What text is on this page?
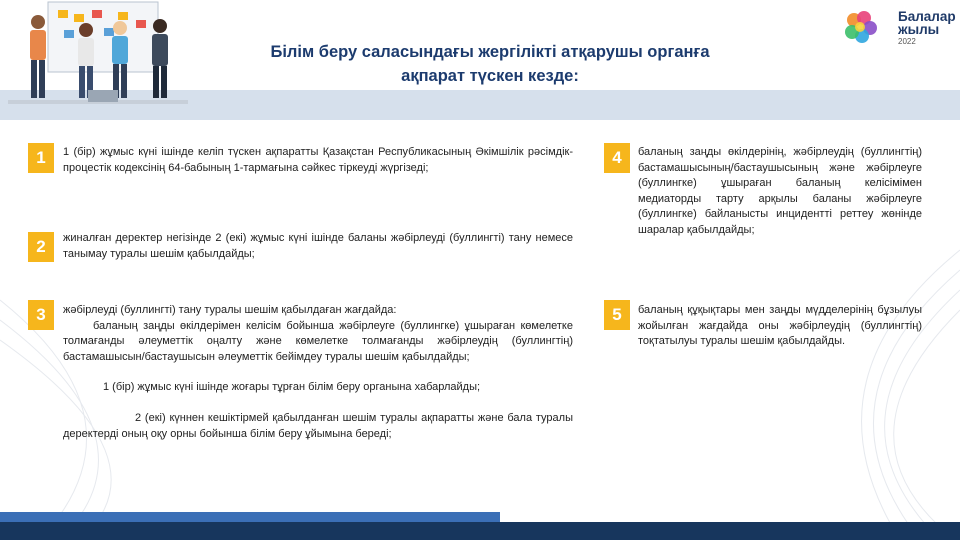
Білім беру саласындағы жергілікті атқарушы органға
ақпарат түскен кезде:
Балалар
жылы
2022
1	1 (бір) жұмыс күні ішінде келіп түскен ақпаратты Қазақстан Республикасының Әкімшілік рәсімдік-процестік кодексінің 64-бабының 1-тармағына сәйкес тіркеуді жүргізеді;

2	жиналған деректер негізінде 2 (екі) жұмыс күні ішінде баланы жәбірлеуді (буллингті) тану немесе танымау туралы шешім қабылдайды;

3	жәбірлеуді (буллингті) тану туралы шешім қабылдаған жағдайда:

баланың заңды өкілдерімен келісім бойынша жәбірлеуге (буллингке) ұшыраған көмелетке толмағанды әлеуметтік оңалту және көмелетке толмағанды жәбірлеудің (буллингтің) бастамашысын/бастаушысын әлеуметтік бейімдеу туралы шешім қабылдайды;

1 (бір) жұмыс күні ішінде жоғары тұрған білім беру органына хабарлайды;

2 (екі) күннен кешіктірмей қабылданған шешім туралы ақпаратты және бала туралы деректерді оның оқу орны бойынша білім беру ұйымына береді;

4	баланың заңды өкілдерінің, жәбірлеудің (буллингтің) бастамашысының/бастаушысының және жәбірлеуге (буллингке) ұшыраған баланың келісімімен медиаторды тарту арқылы баланы жәбірлеуге (буллингке) байланысты инциденттi реттеу жөнінде шаралар қабылдайды;

5	баланың құқықтары мен заңды мүдделерінің бұзылуы жойылған жағдайда оны жәбірлеудің (буллингтің) тоқтатылуы туралы шешім қабылдайды.
